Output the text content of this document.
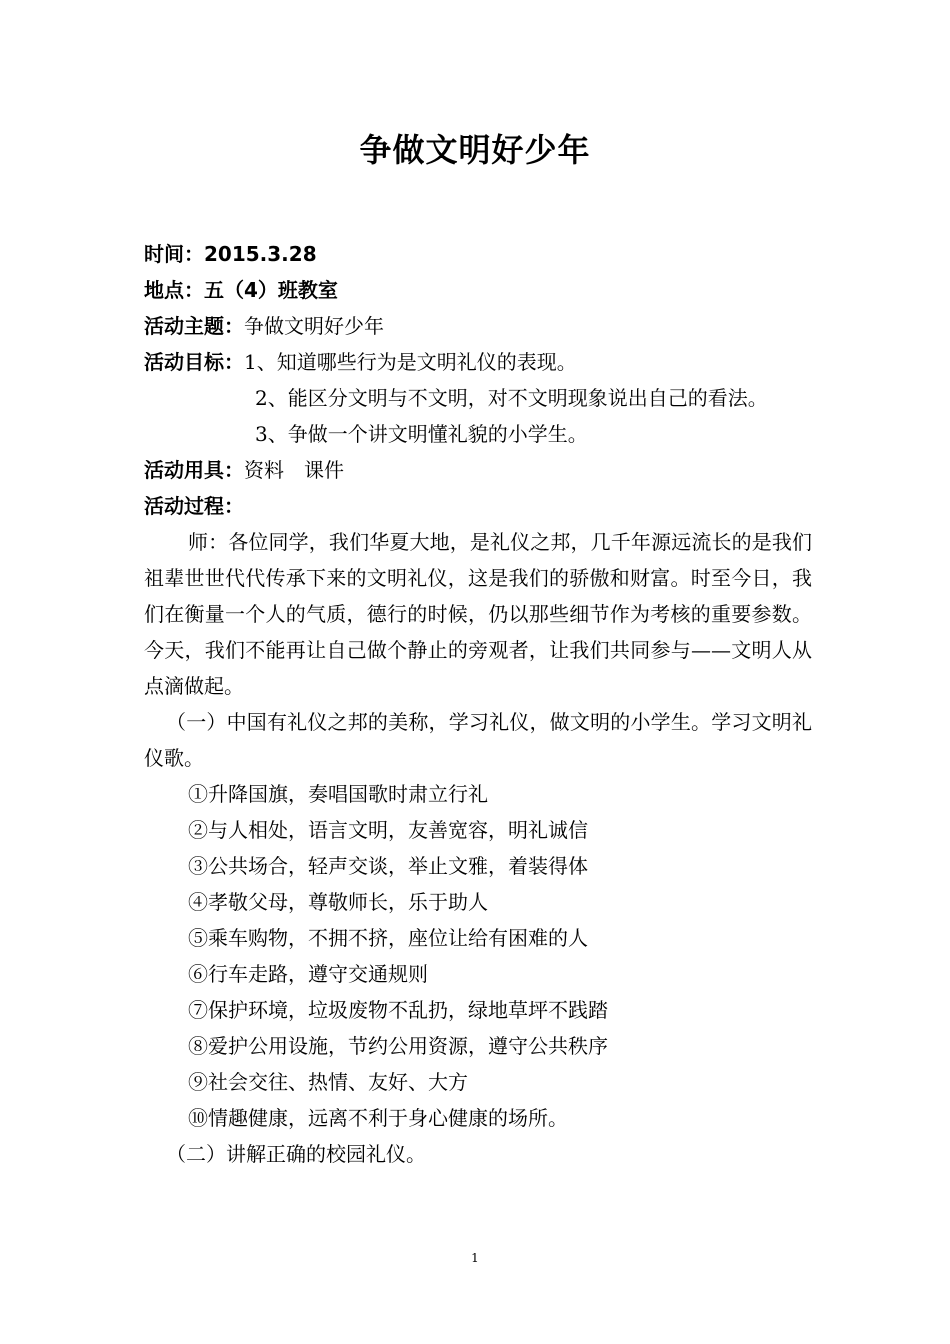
争做文明好少年
时间：2015.3.28
地点：五（4）班教室
活动主题：争做文明好少年
活动目标：1、知道哪些行为是文明礼仪的表现。
2、能区分文明与不文明，对不文明现象说出自己的看法。
3、争做一个讲文明懂礼貌的小学生。
活动用具：资料　课件
活动过程：
师：各位同学，我们华夏大地，是礼仪之邦，几千年源远流长的是我们祖辈世世代代传承下来的文明礼仪，这是我们的骄傲和财富。时至今日，我们在衡量一个人的气质，德行的时候，仍以那些细节作为考核的重要参数。今天，我们不能再让自己做个静止的旁观者，让我们共同参与——文明人从点滴做起。
（一）中国有礼仪之邦的美称，学习礼仪，做文明的小学生。学习文明礼仪歌。
①升降国旗，奏唱国歌时肃立行礼
②与人相处，语言文明，友善宽容，明礼诚信
③公共场合，轻声交谈，举止文雅，着装得体
④孝敬父母，尊敬师长，乐于助人
⑤乘车购物，不拥不挤，座位让给有困难的人
⑥行车走路，遵守交通规则
⑦保护环境，垃圾废物不乱扔，绿地草坪不践踏
⑧爱护公用设施，节约公用资源，遵守公共秩序
⑨社会交往、热情、友好、大方
⑩情趣健康，远离不利于身心健康的场所。
（二）讲解正确的校园礼仪。
1
